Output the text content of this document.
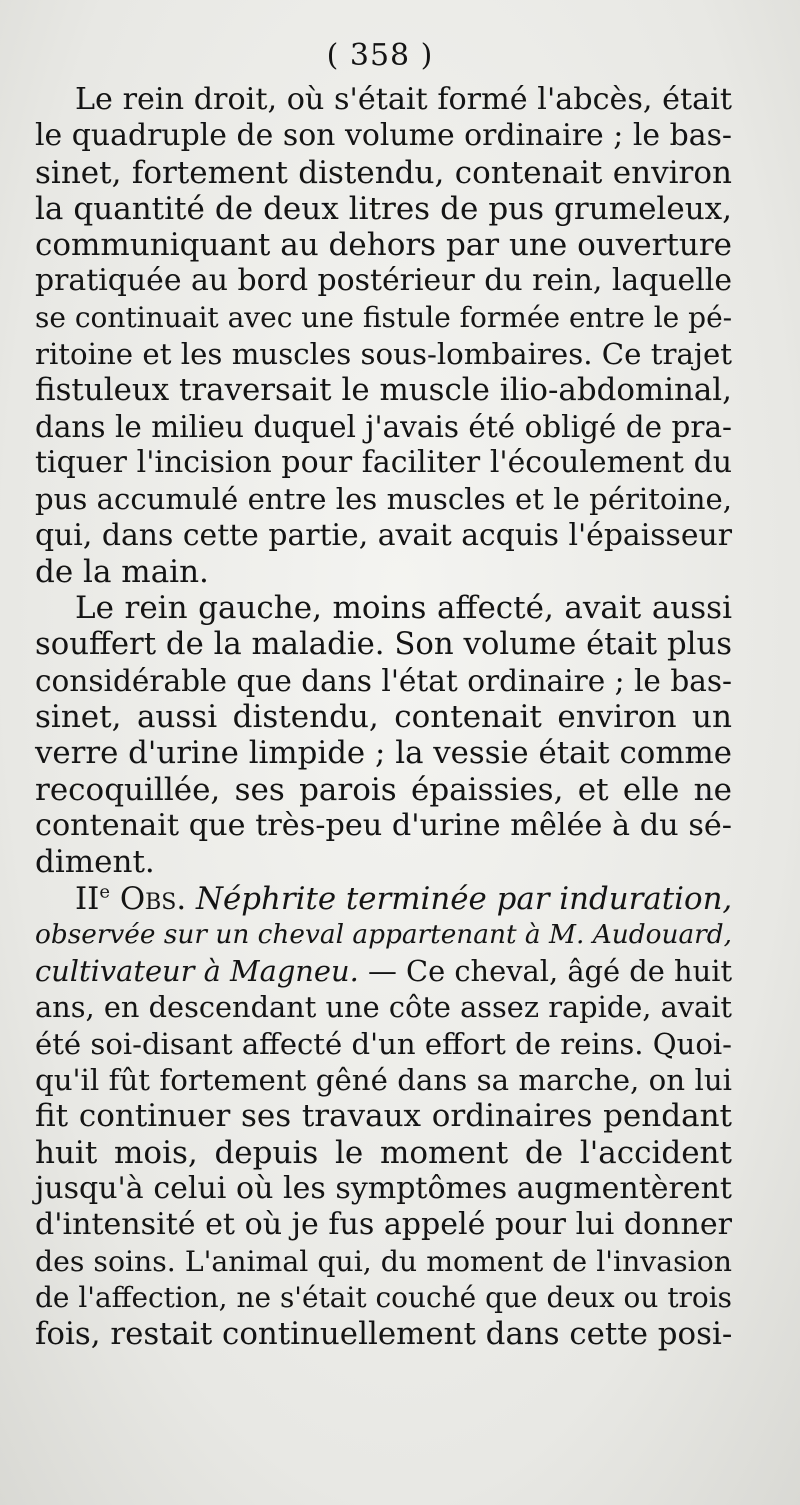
( 358 )
Le rein droit, où s'était formé l'abcès, était
le quadruple de son volume ordinaire ; le bas-
sinet, fortement distendu, contenait environ
la quantité de deux litres de pus grumeleux,
communiquant au dehors par une ouverture
pratiquée au bord postérieur du rein, laquelle
se continuait avec une fistule formée entre le pé-
ritoine et les muscles sous-lombaires. Ce trajet
fistuleux traversait le muscle ilio-abdominal,
dans le milieu duquel j'avais été obligé de pra-
tiquer l'incision pour faciliter l'écoulement du
pus accumulé entre les muscles et le péritoine,
qui, dans cette partie, avait acquis l'épaisseur
de la main.
Le rein gauche, moins affecté, avait aussi
souffert de la maladie. Son volume était plus
considérable que dans l'état ordinaire ; le bas-
sinet, aussi distendu, contenait environ un
verre d'urine limpide ; la vessie était comme
recoquillée, ses parois épaissies, et elle ne
contenait que très-peu d'urine mêlée à du sé-
diment.
IIe Obs. Néphrite terminée par induration,
observée sur un cheval appartenant à M. Audouard,
cultivateur à Magneu. — Ce cheval, âgé de huit
ans, en descendant une côte assez rapide, avait
été soi-disant affecté d'un effort de reins. Quoi-
qu'il fût fortement gêné dans sa marche, on lui
fit continuer ses travaux ordinaires pendant
huit mois, depuis le moment de l'accident
jusqu'à celui où les symptômes augmentèrent
d'intensité et où je fus appelé pour lui donner
des soins. L'animal qui, du moment de l'invasion
de l'affection, ne s'était couché que deux ou trois
fois, restait continuellement dans cette posi-
